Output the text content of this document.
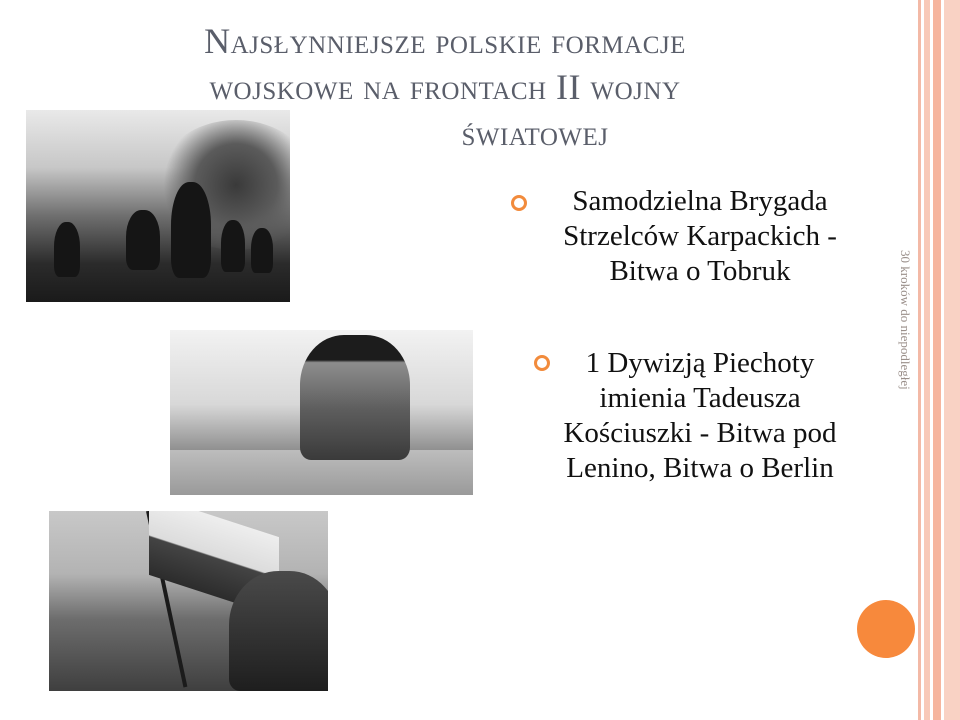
Najsłynniejsze polskie formacje
wojskowe na frontach II wojny
światowej
Samodzielna Brygada
Strzelców Karpackich -
Bitwa o Tobruk
1 Dywizją Piechoty
imienia Tadeusza
Kościuszki - Bitwa pod
Lenino, Bitwa o Berlin
30 kroków do niepodległej
